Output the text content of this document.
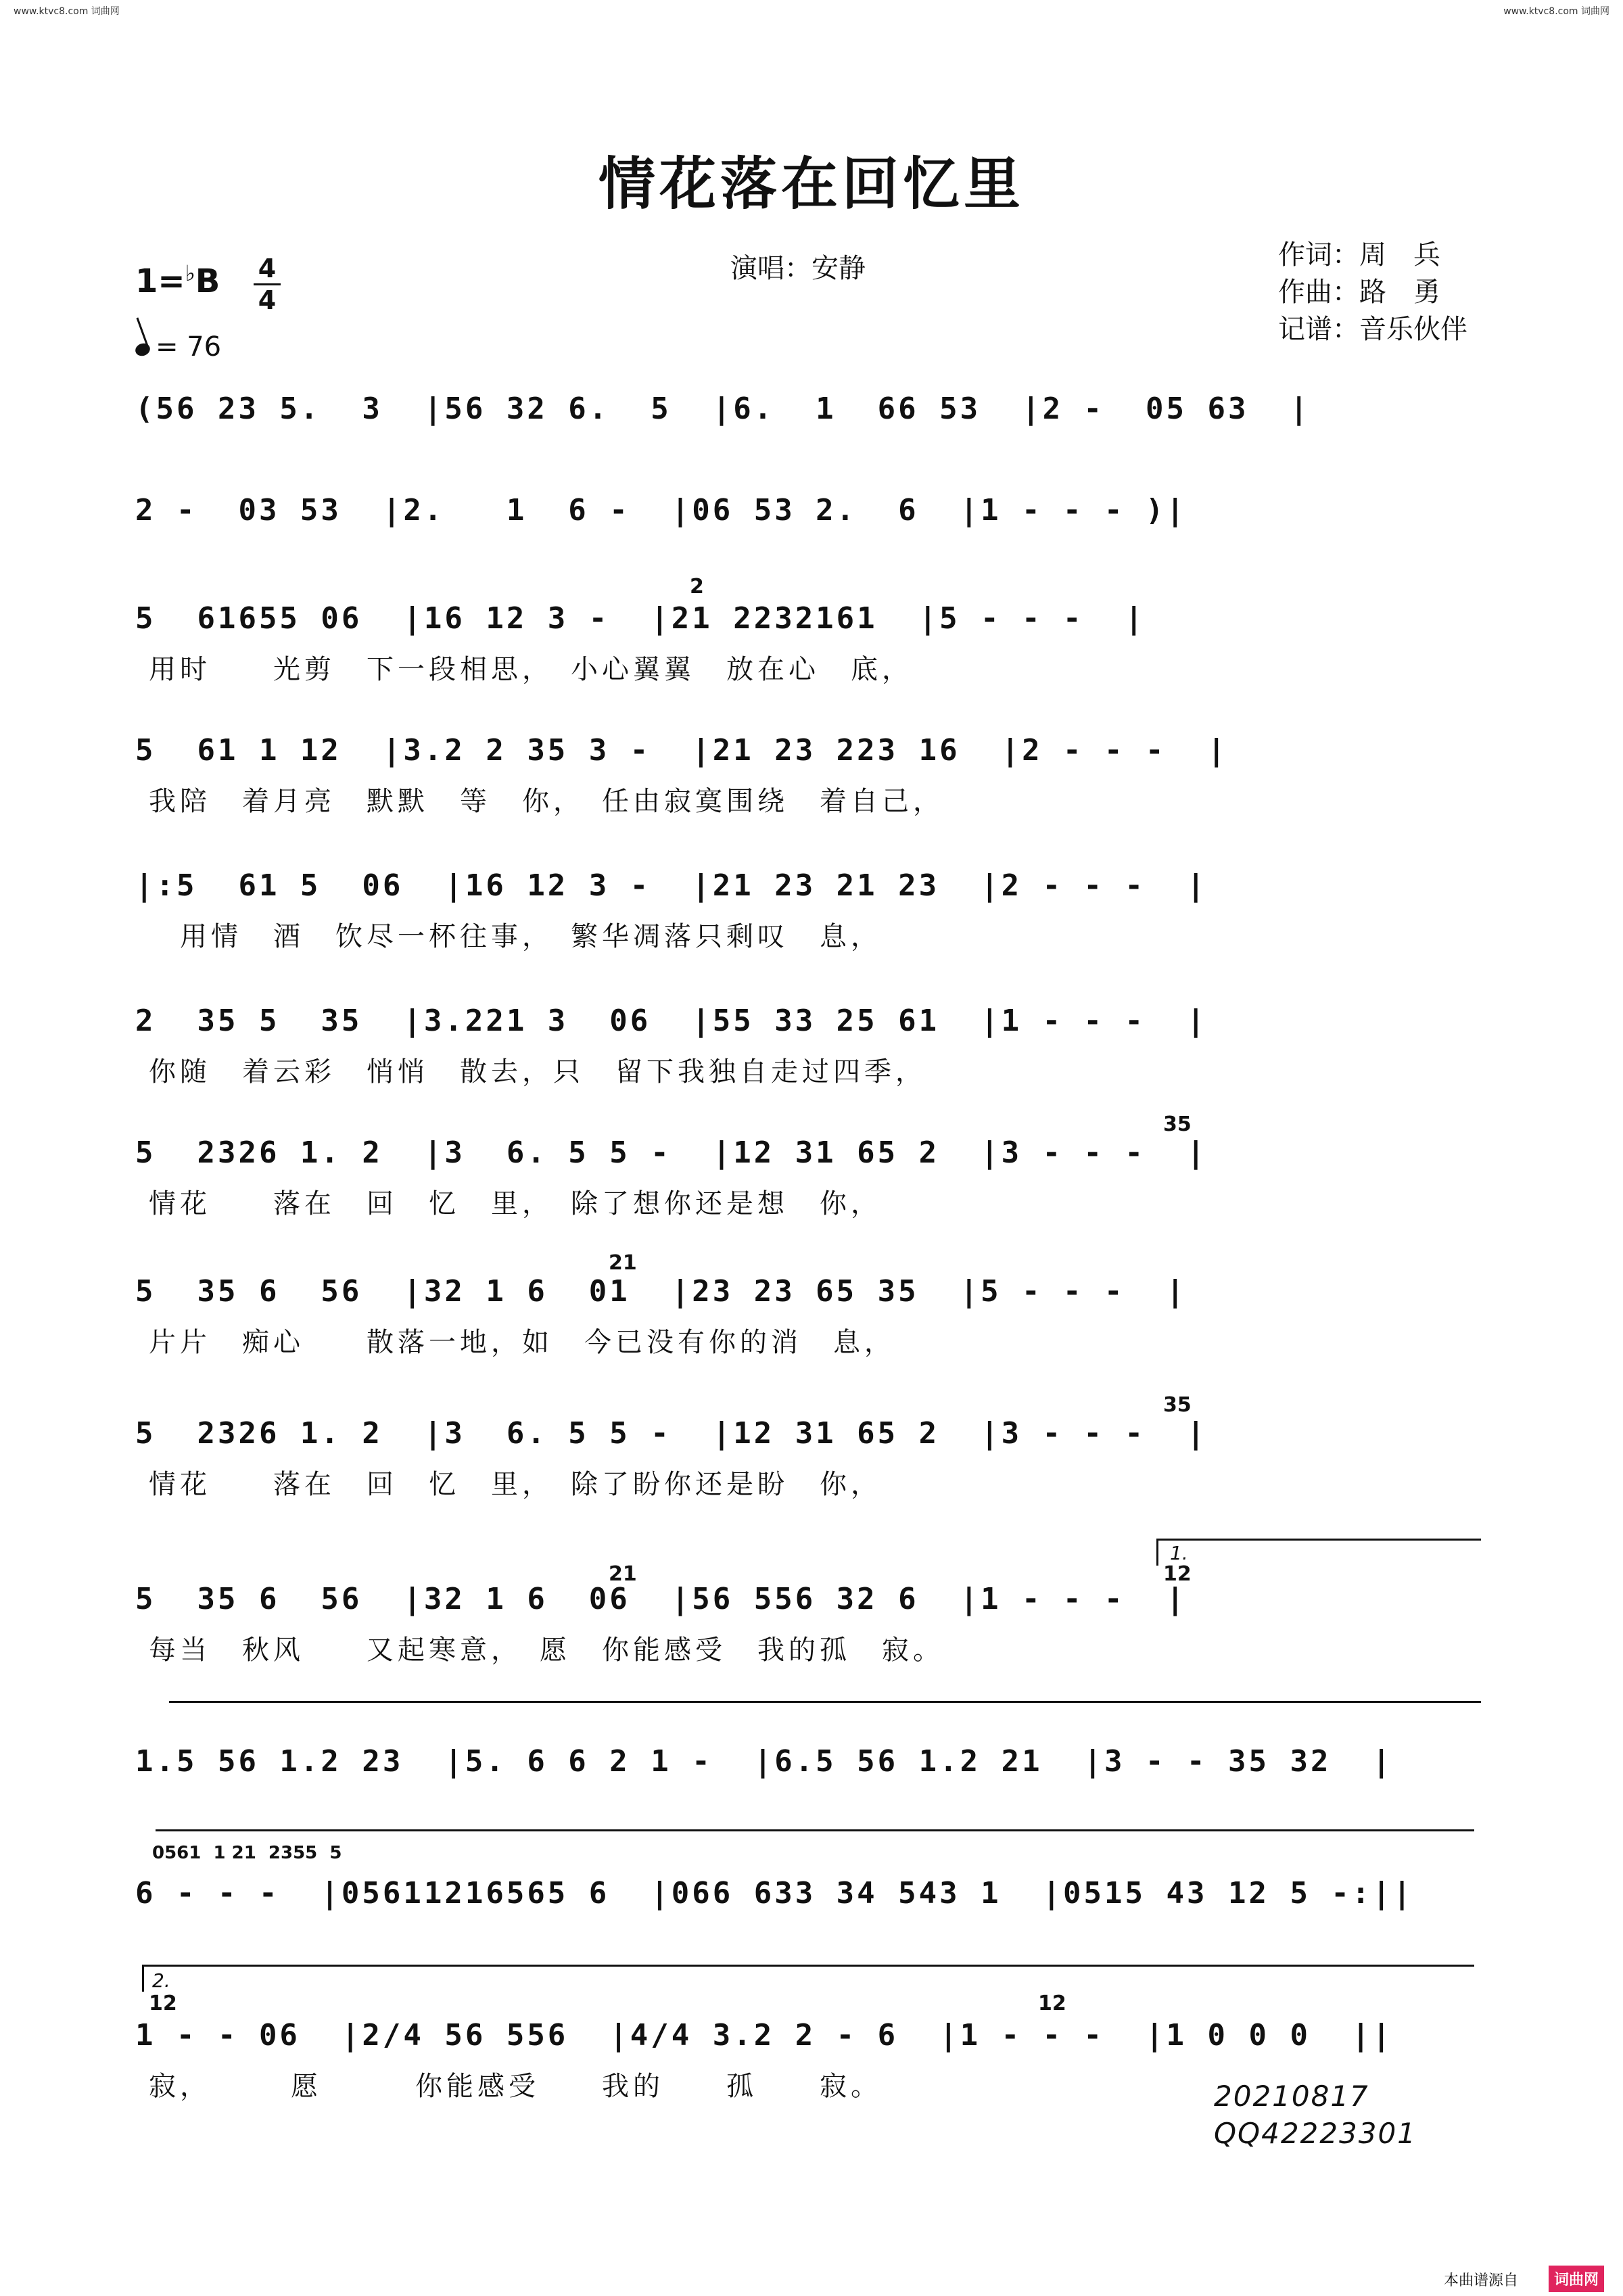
www.ktvc8.com 词曲网	www.ktvc8.com 词曲网
情花落在回忆里
演唱：安静	作词：周　兵
作曲：路　勇
记谱：音乐伙伴
1=♭B 4
4
= 76
(56 23 5.  3  |56 32 6.  5  |6.  1  66 53  |2 -  05 63  |
2 -  03 53  |2.   1  6 -  |06 53 2.  6  |1 - - - )|
2
5  61655 06  |16 12 3 -  |21 2232161  |5 - - -  |
用时　　光剪　下一段相思，　小心翼翼　放在心　底，
5  61 1 12  |3.2 2 35 3 -  |21 23 223 16  |2 - - -  |
我陪　着月亮　默默　等　你，　任由寂寞围绕　着自己，
|:5  61 5  06  |16 12 3 -  |21 23 21 23  |2 - - -  |
　用情　酒　饮尽一杯往事，　繁华凋落只剩叹　息，
2  35 5  35  |3.221 3  06  |55 33 25 61  |1 - - -  |
你随　着云彩　悄悄　散去，只　留下我独自走过四季，
35
5  2326 1. 2  |3  6. 5 5 -  |12 31 65 2  |3 - - -  |
情花　　落在　回　忆　里，　除了想你还是想　你，
21
5  35 6  56  |32 1 6  01  |23 23 65 35  |5 - - -  |
片片　痴心　　散落一地，如　今已没有你的消　息，
35
5  2326 1. 2  |3  6. 5 5 -  |12 31 65 2  |3 - - -  |
情花　　落在　回　忆　里，　除了盼你还是盼　你，
1.
21	12
5  35 6  56  |32 1 6  06  |56 556 32 6  |1 - - -  |
每当　秋风　　又起寒意，　愿　你能感受　我的孤　寂。
1.5 56 1.2 23  |5. 6 6 2 1 -  |6.5 56 1.2 21  |3 - - 35 32  |
0561  1 21  2355  5
6 - - -  |05611216565 6  |066 633 34 543 1  |0515 43 12 5 -:||
2.
12	12
1 - - 06  |2/4 56 556  |4/4 3.2 2 - 6  |1 - - -  |1 0 0 0  ||
寂，　　　愿　　　你能感受　　我的　　孤　　寂。	20210817
QQ42223301
本曲谱源自	词曲网
